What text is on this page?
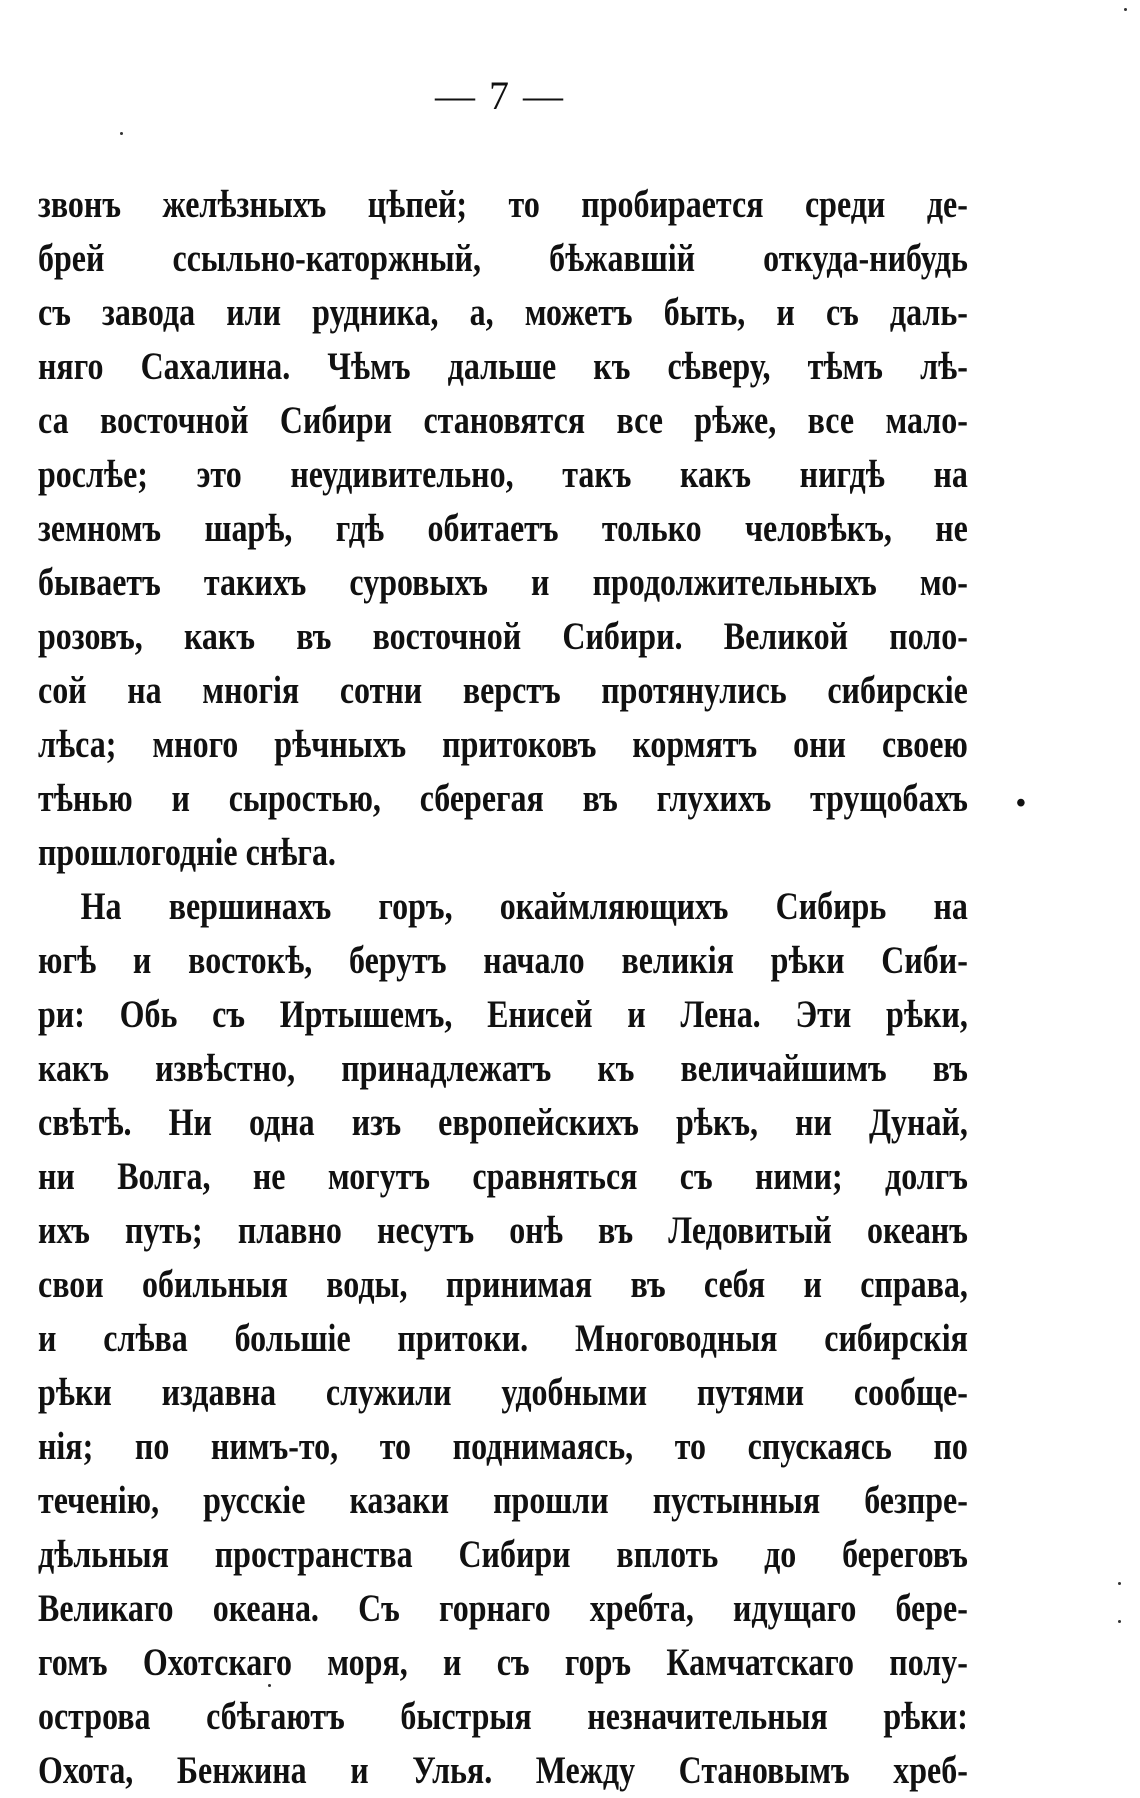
— 7 —
звонъ желѣзныхъ цѣпей; то пробирается среди де-
брей ссыльно-каторжный, бѣжавшій откуда-нибудь
съ завода или рудника, а, можетъ быть, и съ даль-
няго Сахалина. Чѣмъ дальше къ сѣверу, тѣмъ лѣ-
са восточной Сибири становятся все рѣже, все мало-
рослѣе; это неудивительно, такъ какъ нигдѣ на
земномъ шарѣ, гдѣ обитаетъ только человѣкъ, не
бываетъ такихъ суровыхъ и продолжительныхъ мо-
розовъ, какъ въ восточной Сибири. Великой поло-
сой на многія сотни верстъ протянулись сибирскіе
лѣса; много рѣчныхъ притоковъ кормятъ они своею
тѣнью и сыростью, сберегая въ глухихъ трущобахъ
прошлогодніе снѣга.
На вершинахъ горъ, окаймляющихъ Сибирь на
югѣ и востокѣ, берутъ начало великія рѣки Сиби-
ри: Обь съ Иртышемъ, Енисей и Лена. Эти рѣки,
какъ извѣстно, принадлежатъ къ величайшимъ въ
свѣтѣ. Ни одна изъ европейскихъ рѣкъ, ни Дунай,
ни Волга, не могутъ сравняться съ ними; долгъ
ихъ путь; плавно несутъ онѣ въ Ледовитый океанъ
свои обильныя воды, принимая въ себя и справа,
и слѣва большіе притоки. Многоводныя сибирскія
рѣки издавна служили удобными путями сообще-
нія; по нимъ-то, то поднимаясь, то спускаясь по
теченію, русскіе казаки прошли пустынныя безпре-
дѣльныя пространства Сибири вплоть до береговъ
Великаго океана. Съ горнаго хребта, идущаго бере-
гомъ Охотскаго моря, и съ горъ Камчатскаго полу-
острова сбѣгаютъ быстрыя незначительныя рѣки:
Охота, Бенжина и Улья. Между Становымъ хреб-
•
